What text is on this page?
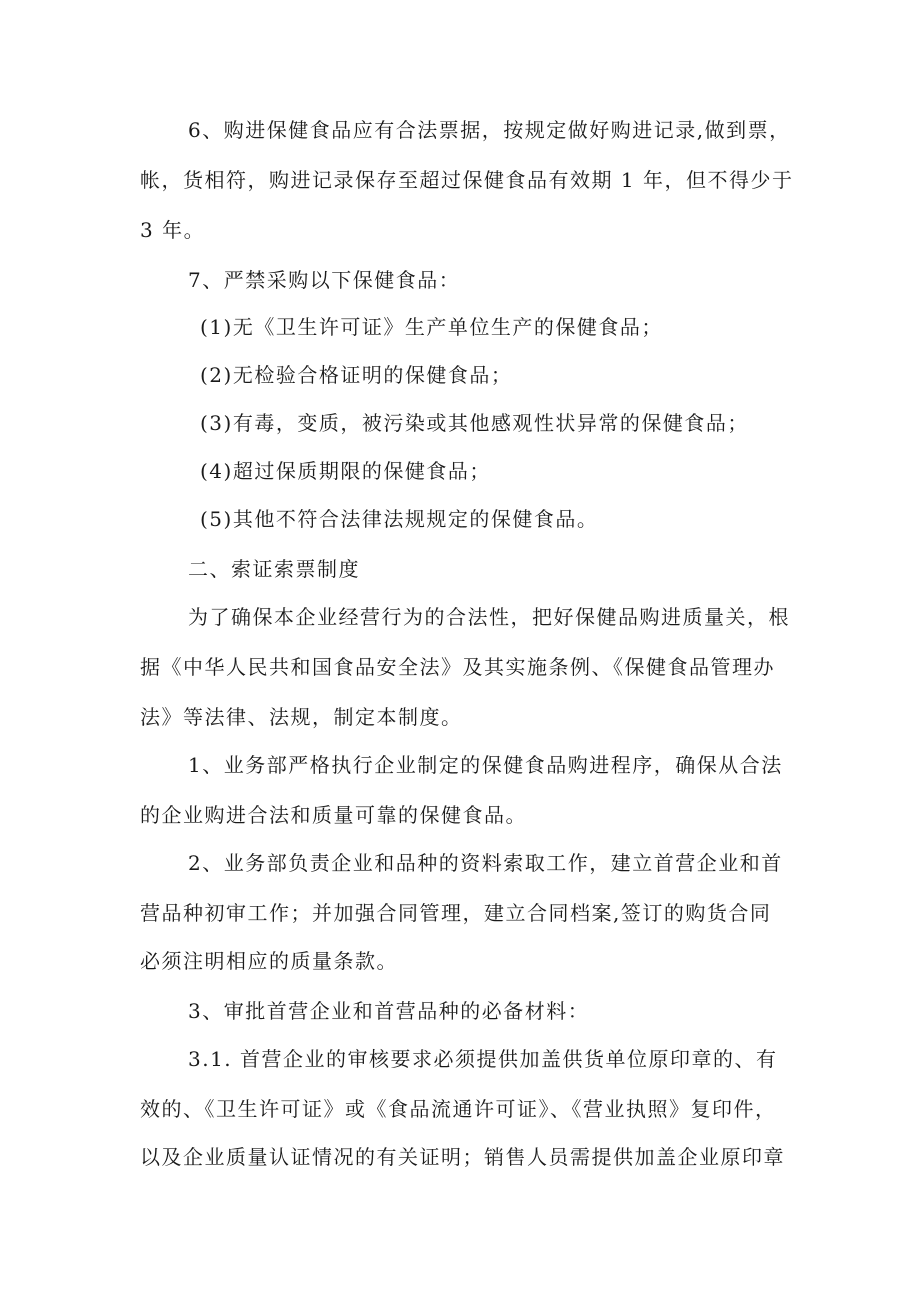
6、购进保健食品应有合法票据，按规定做好购进记录,做到票，
帐，货相符，购进记录保存至超过保健食品有效期 1 年，但不得少于
3 年。
7、严禁采购以下保健食品：
(1)无《卫生许可证》生产单位生产的保健食品；
(2)无检验合格证明的保健食品；
(3)有毒，变质，被污染或其他感观性状异常的保健食品；
(4)超过保质期限的保健食品；
(5)其他不符合法律法规规定的保健食品。
二、索证索票制度
为了确保本企业经营行为的合法性，把好保健品购进质量关，根
据《中华人民共和国食品安全法》及其实施条例、《保健食品管理办
法》等法律、法规，制定本制度。
1、业务部严格执行企业制定的保健食品购进程序，确保从合法
的企业购进合法和质量可靠的保健食品。
2、业务部负责企业和品种的资料索取工作，建立首营企业和首
营品种初审工作；并加强合同管理，建立合同档案,签订的购货合同
必须注明相应的质量条款。
3、审批首营企业和首营品种的必备材料：
3.1. 首营企业的审核要求必须提供加盖供货单位原印章的、有
效的、《卫生许可证》或《食品流通许可证》、《营业执照》复印件，
以及企业质量认证情况的有关证明；销售人员需提供加盖企业原印章
